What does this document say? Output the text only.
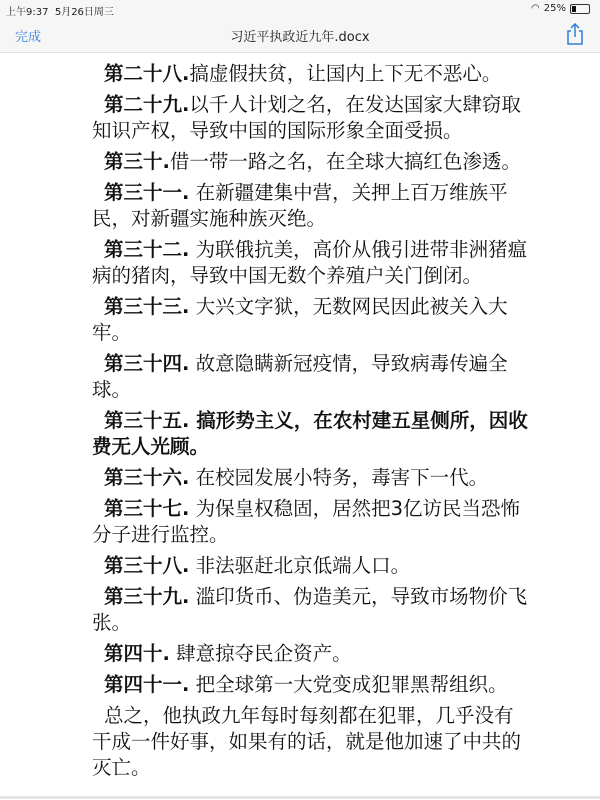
上午9:37 5月26日周三	◠ 25%
完成	习近平执政近九年.docx
第二十八.搞虚假扶贫，让国内上下无不恶心。
第二十九.以千人计划之名，在发达国家大肆窃取知识产权，导致中国的国际形象全面受损。
第三十.借一带一路之名，在全球大搞红色渗透。
第三十一. 在新疆建集中营，关押上百万维族平民，对新疆实施种族灭绝。
第三十二. 为联俄抗美，高价从俄引进带非洲猪瘟病的猪肉，导致中国无数个养殖户关门倒闭。
第三十三. 大兴文字狱，无数网民因此被关入大牢。
第三十四. 故意隐瞒新冠疫情，导致病毒传遍全球。
第三十五. 搞形势主义，在农村建五星侧所，因收费无人光顾。
第三十六. 在校园发展小特务，毒害下一代。
第三十七. 为保皇权稳固，居然把3亿访民当恐怖分子进行监控。
第三十八. 非法驱赶北京低端人口。
第三十九. 滥印货币、伪造美元，导致市场物价飞张。
第四十. 肆意掠夺民企资产。
第四十一. 把全球第一大党变成犯罪黑帮组织。
总之，他执政九年每时每刻都在犯罪，几乎没有干成一件好事，如果有的话，就是他加速了中共的灭亡。
